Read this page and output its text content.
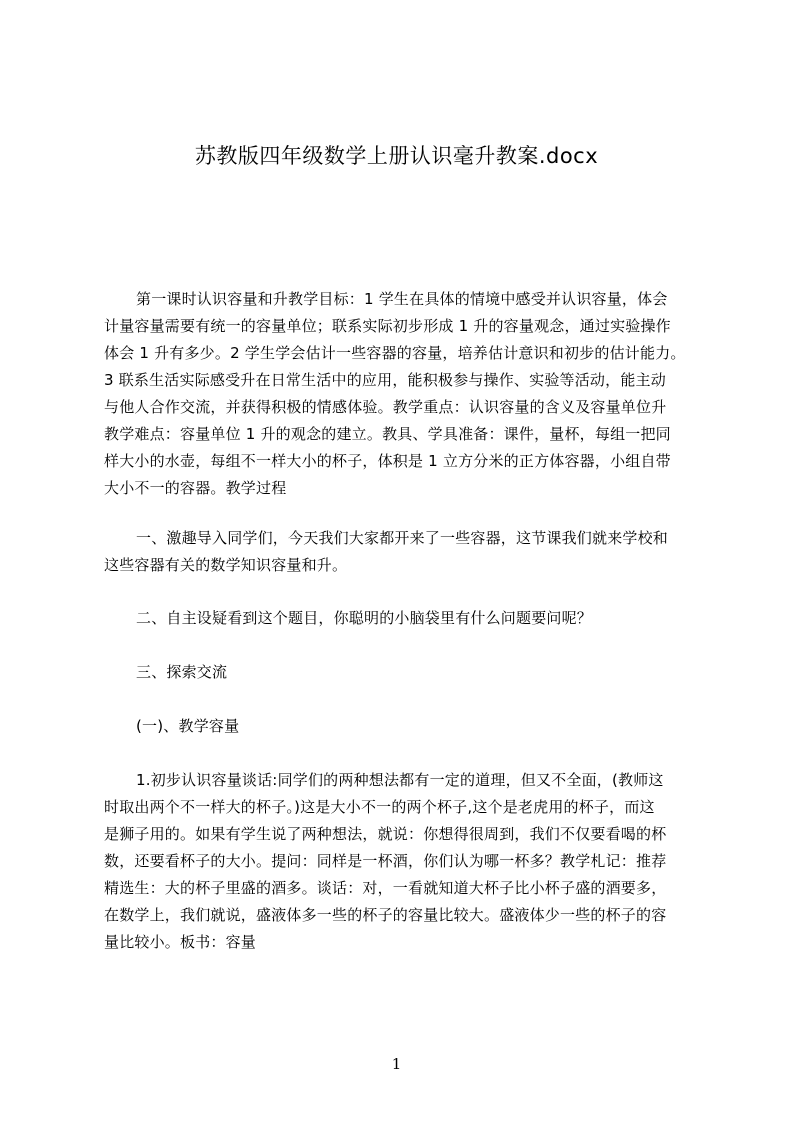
苏教版四年级数学上册认识毫升教案.docx
第一课时认识容量和升教学目标：1 学生在具体的情境中感受并认识容量，体会
计量容量需要有统一的容量单位；联系实际初步形成 1 升的容量观念，通过实验操作
体会 1 升有多少。2 学生学会估计一些容器的容量，培养估计意识和初步的估计能力。
3 联系生活实际感受升在日常生活中的应用，能积极参与操作、实验等活动，能主动
与他人合作交流，并获得积极的情感体验。教学重点：认识容量的含义及容量单位升
教学难点：容量单位 1 升的观念的建立。教具、学具准备：课件，量杯，每组一把同
样大小的水壶，每组不一样大小的杯子，体积是 1 立方分米的正方体容器，小组自带
大小不一的容器。教学过程
一、激趣导入同学们，今天我们大家都开来了一些容器，这节课我们就来学校和
这些容器有关的数学知识容量和升。
二、自主设疑看到这个题目，你聪明的小脑袋里有什么问题要问呢？
三、探索交流
(一)、教学容量
1.初步认识容量谈话:同学们的两种想法都有一定的道理，但又不全面，(教师这
时取出两个不一样大的杯子。)这是大小不一的两个杯子,这个是老虎用的杯子，而这
是狮子用的。如果有学生说了两种想法，就说：你想得很周到，我们不仅要看喝的杯
数，还要看杯子的大小。提问：同样是一杯酒，你们认为哪一杯多？教学札记：推荐
精选生：大的杯子里盛的酒多。谈话：对，一看就知道大杯子比小杯子盛的酒要多，
在数学上，我们就说，盛液体多一些的杯子的容量比较大。盛液体少一些的杯子的容
量比较小。板书：容量
1
